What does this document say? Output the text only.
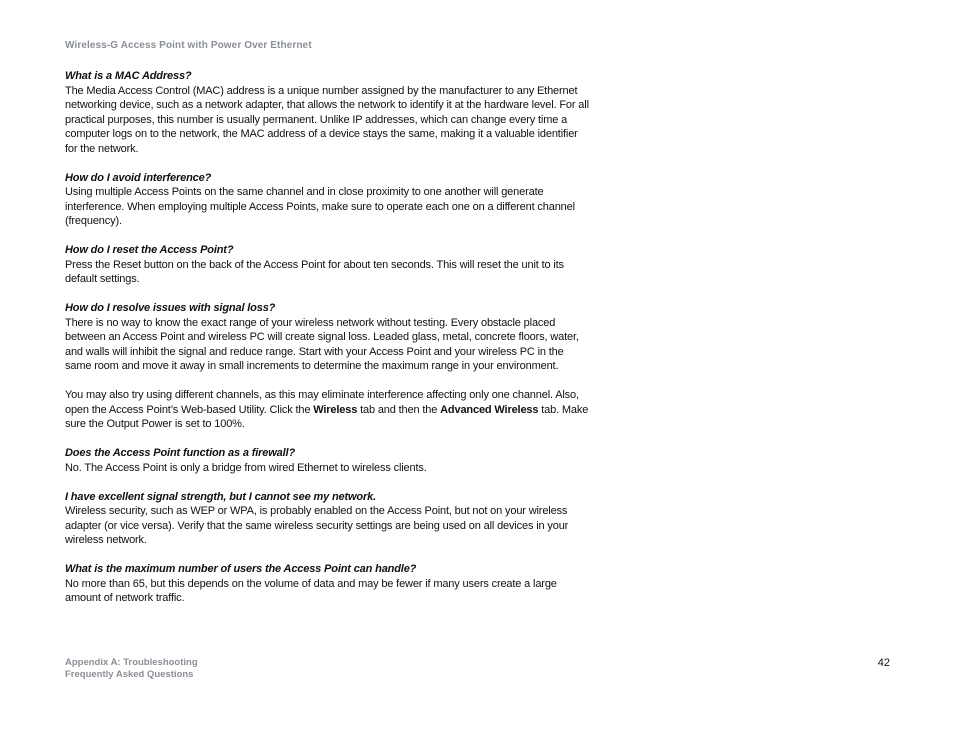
Wireless-G Access Point with Power Over Ethernet
What is a MAC Address?

The Media Access Control (MAC) address is a unique number assigned by the manufacturer to any Ethernet networking device, such as a network adapter, that allows the network to identify it at the hardware level. For all practical purposes, this number is usually permanent. Unlike IP addresses, which can change every time a computer logs on to the network, the MAC address of a device stays the same, making it a valuable identifier for the network.

How do I avoid interference?

Using multiple Access Points on the same channel and in close proximity to one another will generate interference. When employing multiple Access Points, make sure to operate each one on a different channel (frequency).

How do I reset the Access Point?

Press the Reset button on the back of the Access Point for about ten seconds. This will reset the unit to its default settings.

How do I resolve issues with signal loss?

There is no way to know the exact range of your wireless network without testing. Every obstacle placed between an Access Point and wireless PC will create signal loss. Leaded glass, metal, concrete floors, water, and walls will inhibit the signal and reduce range. Start with your Access Point and your wireless PC in the same room and move it away in small increments to determine the maximum range in your environment.

You may also try using different channels, as this may eliminate interference affecting only one channel. Also, open the Access Point’s Web-based Utility. Click the Wireless tab and then the Advanced Wireless tab. Make sure the Output Power is set to 100%.

Does the Access Point function as a firewall?

No. The Access Point is only a bridge from wired Ethernet to wireless clients.

I have excellent signal strength, but I cannot see my network.

Wireless security, such as WEP or WPA, is probably enabled on the Access Point, but not on your wireless adapter (or vice versa). Verify that the same wireless security settings are being used on all devices in your wireless network.

What is the maximum number of users the Access Point can handle?

No more than 65, but this depends on the volume of data and may be fewer if many users create a large amount of network traffic.

Appendix A: Troubleshooting
Frequently Asked Questions
42
